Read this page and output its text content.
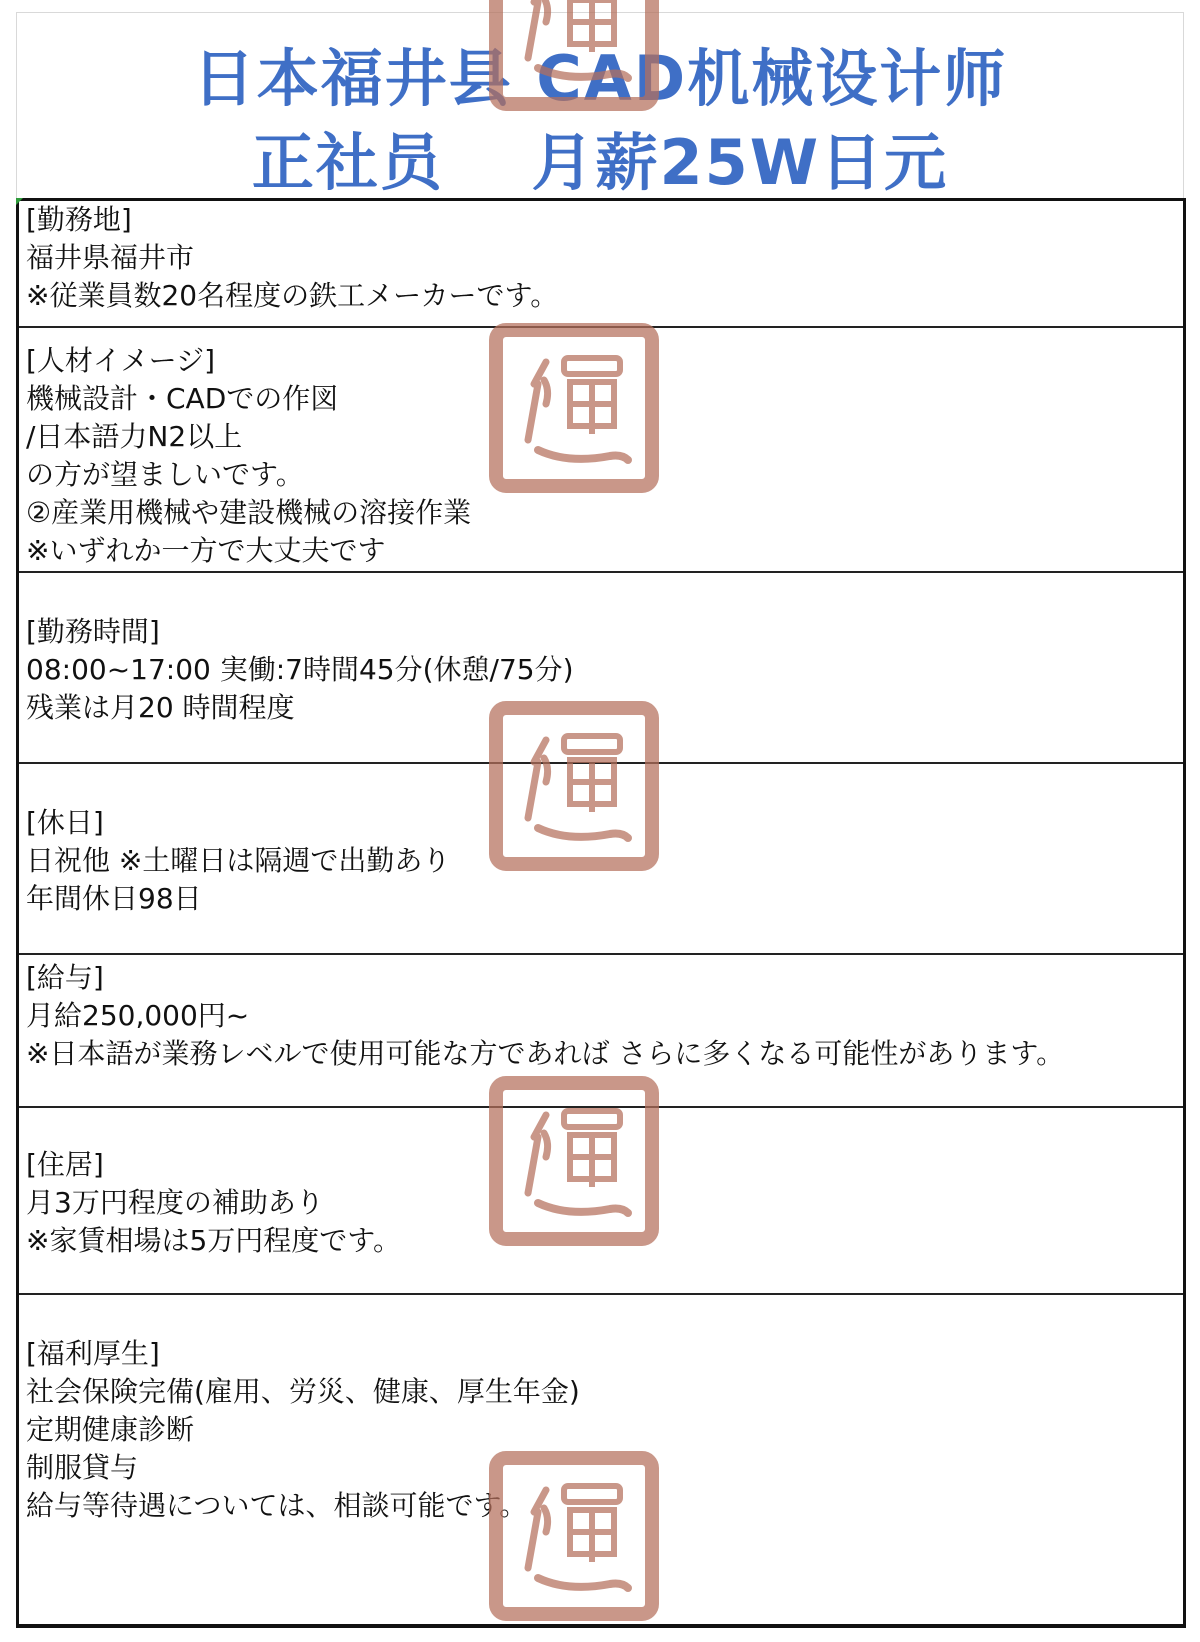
日本福井县 CAD机械设计师
正社员　 月薪25W日元
[勤務地]
福井県福井市
※従業員数20名程度の鉄工メーカーです。
[人材イメージ]
機械設計・CADでの作図
/日本語力N2以上
の方が望ましいです。
②産業用機械や建設機械の溶接作業
※いずれか一方で大丈夫です
[勤務時間]
08:00~17:00 実働:7時間45分(休憩/75分)
残業は月20 時間程度
[休日]
日祝他 ※土曜日は隔週で出勤あり
年間休日98日
[給与]
月給250,000円~
※日本語が業務レベルで使用可能な方であれば さらに多くなる可能性があります。
[住居]
月3万円程度の補助あり
※家賃相場は5万円程度です。
[福利厚生]
社会保険完備(雇用、労災、健康、厚生年金)
定期健康診断
制服貸与
給与等待遇については、相談可能です。
